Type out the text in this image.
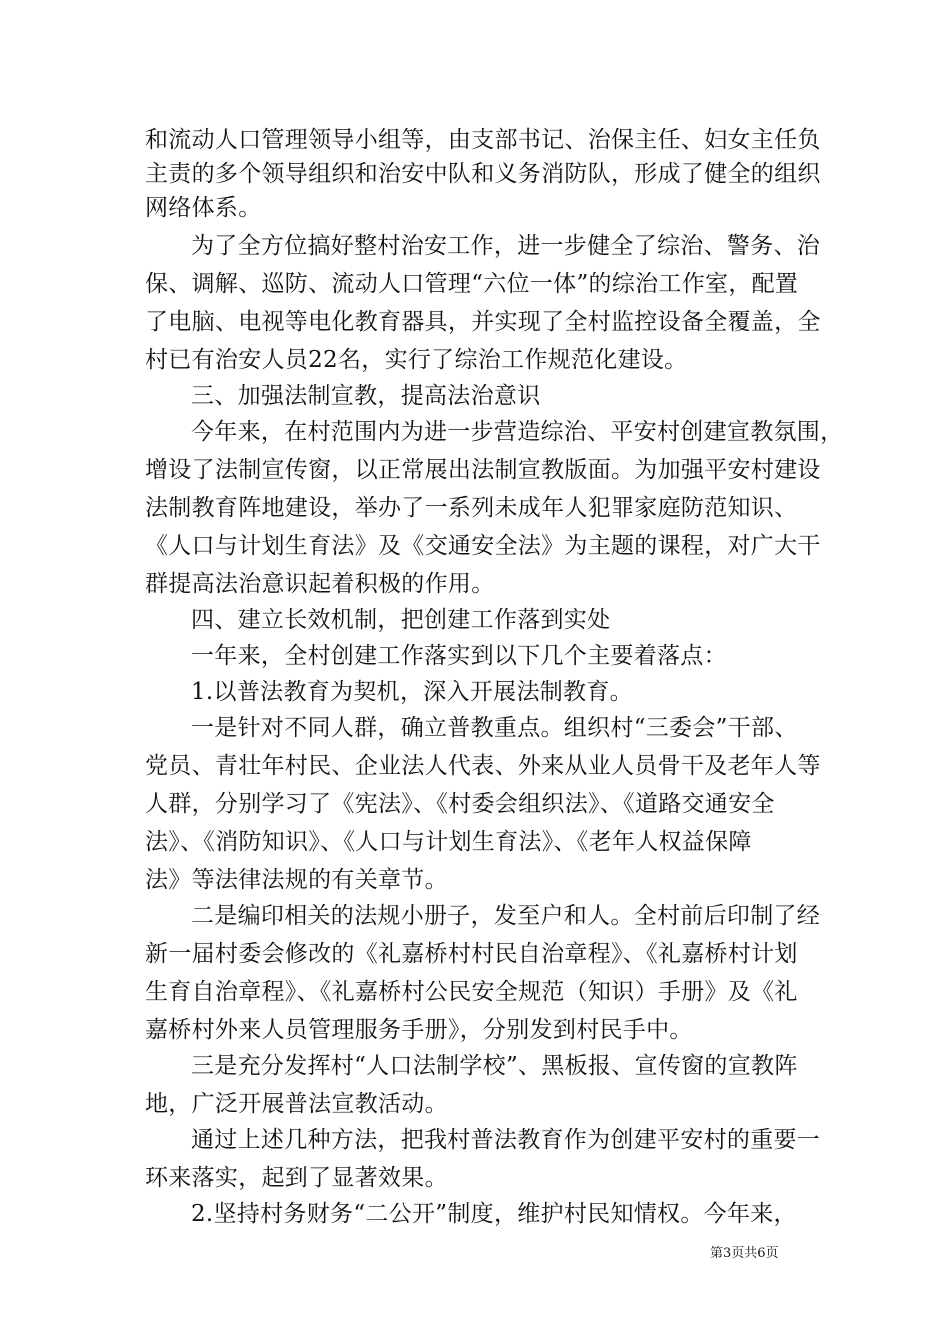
和流动人口管理领导小组等，由支部书记、治保主任、妇女主任负
主责的多个领导组织和治安中队和义务消防队，形成了健全的组织
网络体系。
为了全方位搞好整村治安工作，进一步健全了综治、警务、治
保、调解、巡防、流动人口管理“六位一体”的综治工作室，配置
了电脑、电视等电化教育器具，并实现了全村监控设备全覆盖，全
村已有治安人员22名，实行了综治工作规范化建设。
三、加强法制宣教，提高法治意识
今年来，在村范围内为进一步营造综治、平安村创建宣教氛围，
增设了法制宣传窗，以正常展出法制宣教版面。为加强平安村建设
法制教育阵地建设，举办了一系列未成年人犯罪家庭防范知识、
《人口与计划生育法》及《交通安全法》为主题的课程，对广大干
群提高法治意识起着积极的作用。
四、建立长效机制，把创建工作落到实处
一年来，全村创建工作落实到以下几个主要着落点：
1.以普法教育为契机，深入开展法制教育。
一是针对不同人群，确立普教重点。组织村“三委会”干部、
党员、青壮年村民、企业法人代表、外来从业人员骨干及老年人等
人群，分别学习了《宪法》、《村委会组织法》、《道路交通安全
法》、《消防知识》、《人口与计划生育法》、《老年人权益保障
法》等法律法规的有关章节。
二是编印相关的法规小册子，发至户和人。全村前后印制了经
新一届村委会修改的《礼嘉桥村村民自治章程》、《礼嘉桥村计划
生育自治章程》、《礼嘉桥村公民安全规范（知识）手册》及《礼
嘉桥村外来人员管理服务手册》，分别发到村民手中。
三是充分发挥村“人口法制学校”、黑板报、宣传窗的宣教阵
地，广泛开展普法宣教活动。
通过上述几种方法，把我村普法教育作为创建平安村的重要一
环来落实，起到了显著效果。
2.坚持村务财务“二公开”制度，维护村民知情权。今年来，
第3页共6页
